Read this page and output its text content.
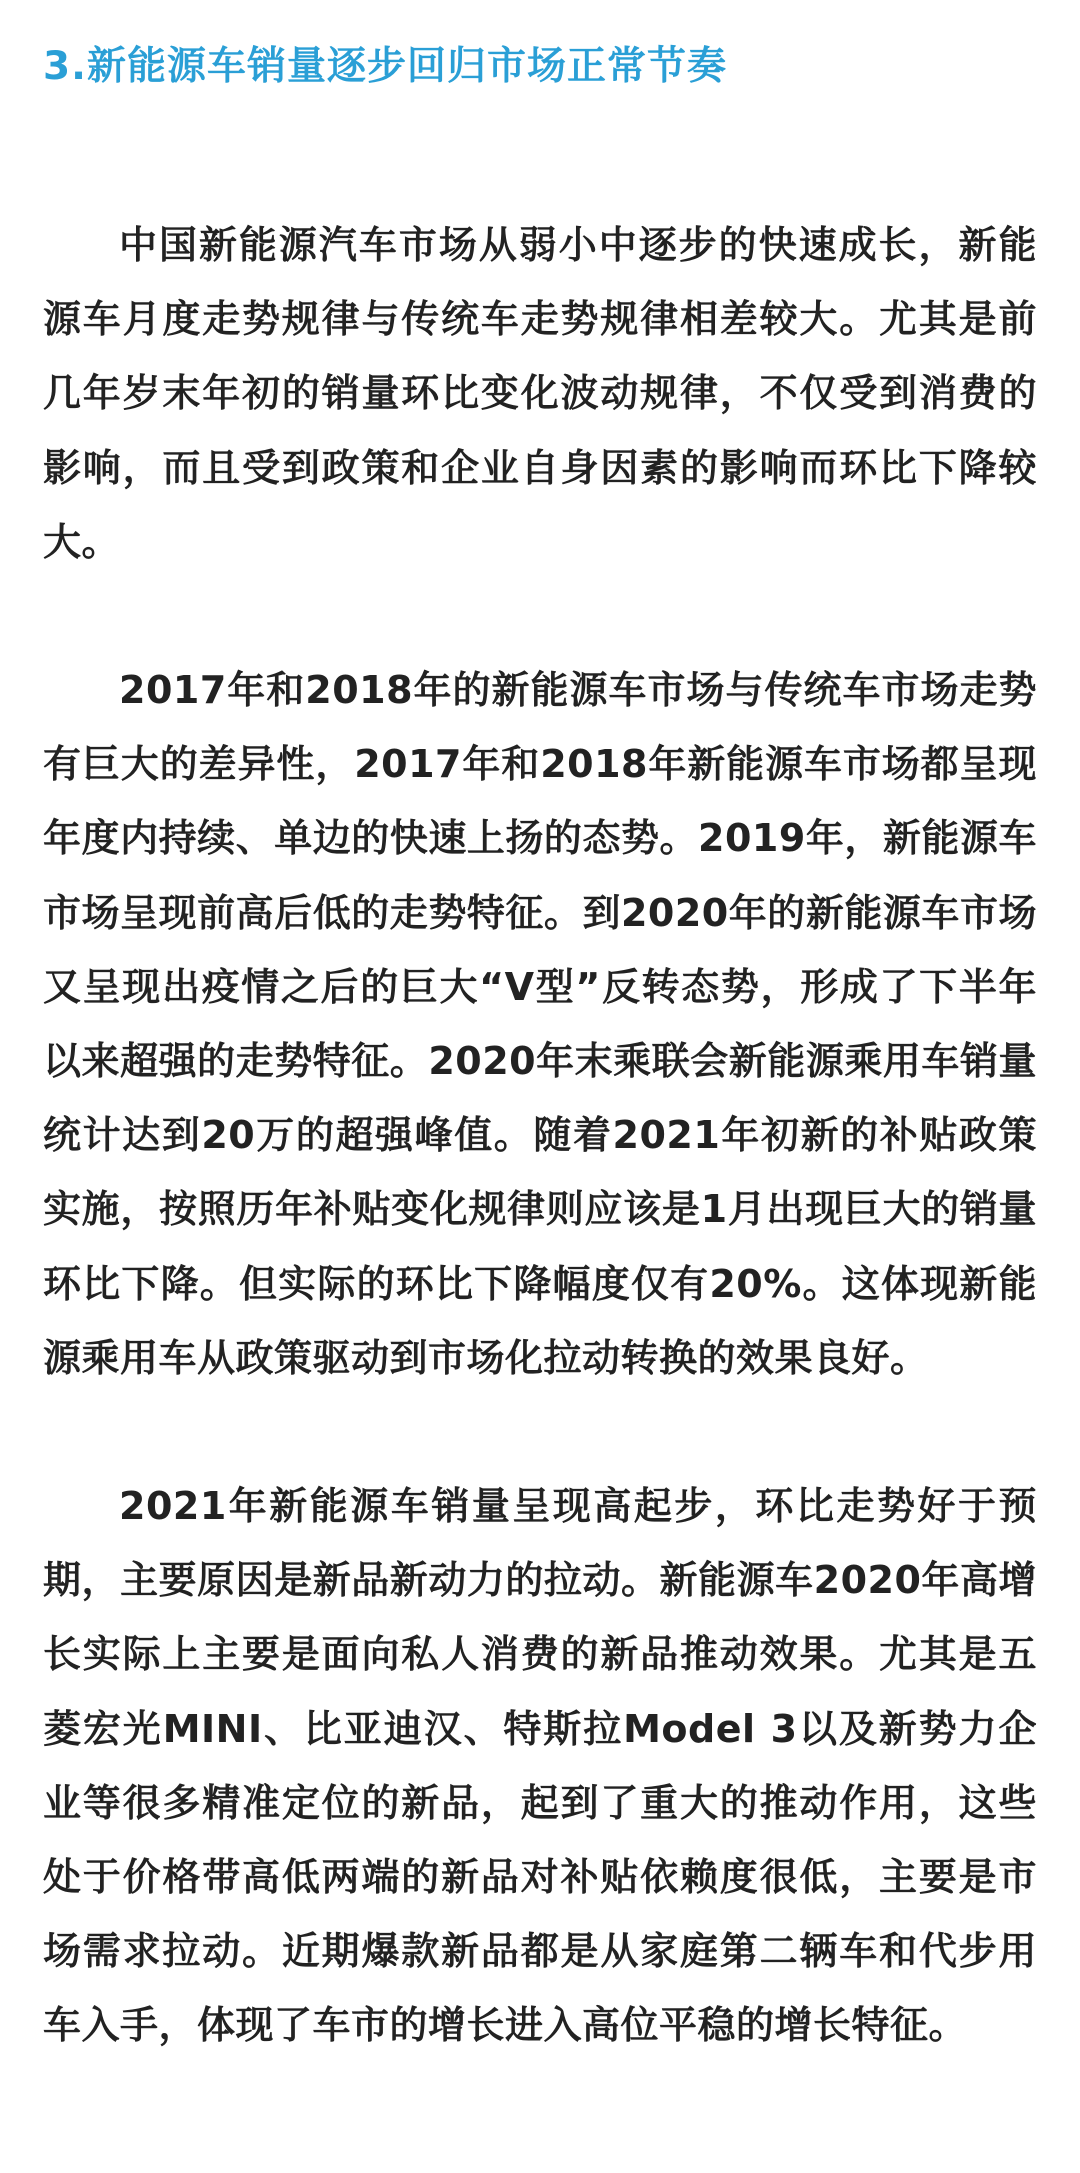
3.新能源车销量逐步回归市场正常节奏

中国新能源汽车市场从弱小中逐步的快速成长，新能源车月度走势规律与传统车走势规律相差较大。尤其是前几年岁末年初的销量环比变化波动规律，不仅受到消费的影响，而且受到政策和企业自身因素的影响而环比下降较大。

2017年和2018年的新能源车市场与传统车市场走势有巨大的差异性，2017年和2018年新能源车市场都呈现年度内持续、单边的快速上扬的态势。2019年，新能源车市场呈现前高后低的走势特征。到2020年的新能源车市场又呈现出疫情之后的巨大“V型”反转态势，形成了下半年以来超强的走势特征。2020年末乘联会新能源乘用车销量统计达到20万的超强峰值。随着2021年初新的补贴政策实施，按照历年补贴变化规律则应该是1月出现巨大的销量环比下降。但实际的环比下降幅度仅有20%。这体现新能源乘用车从政策驱动到市场化拉动转换的效果良好。

2021年新能源车销量呈现高起步，环比走势好于预期，主要原因是新品新动力的拉动。新能源车2020年高增长实际上主要是面向私人消费的新品推动效果。尤其是五菱宏光MINI、比亚迪汉、特斯拉Model 3以及新势力企业等很多精准定位的新品，起到了重大的推动作用，这些处于价格带高低两端的新品对补贴依赖度很低，主要是市场需求拉动。近期爆款新品都是从家庭第二辆车和代步用车入手，体现了车市的增长进入高位平稳的增长特征。
